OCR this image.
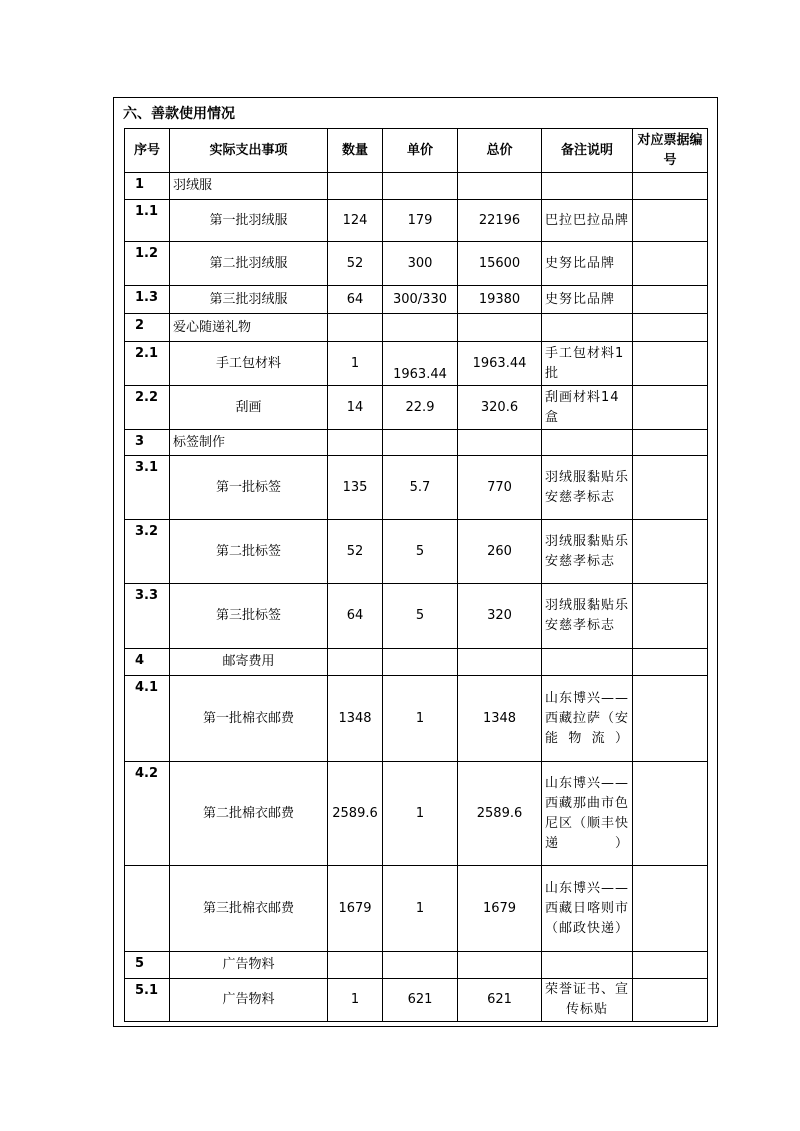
六、善款使用情况
序号	实际支出事项	数量	单价	总价	备注说明	对应票据编号
1	羽绒服					
1.1	第一批羽绒服	124	179	22196	巴拉巴拉品牌	
1.2	第二批羽绒服	52	300	15600	史努比品牌	
1.3	第三批羽绒服	64	300/330	19380	史努比品牌	
2	爱心随递礼物					
2.1	手工包材料	1	1963.44	1963.44	手工包材料1批	
2.2	刮画	14	22.9	320.6	刮画材料14盒	
3	标签制作					
3.1	第一批标签	135	5.7	770	羽绒服黏贴乐安慈孝标志	
3.2	第二批标签	52	5	260	羽绒服黏贴乐安慈孝标志	
3.3	第三批标签	64	5	320	羽绒服黏贴乐安慈孝标志	
4	邮寄费用					
4.1	第一批棉衣邮费	1348	1	1348	山东博兴——西藏拉萨（安能物流）	
4.2	第二批棉衣邮费	2589.6	1	2589.6	山东博兴——西藏那曲市色尼区（顺丰快递）	
	第三批棉衣邮费	1679	1	1679	山东博兴——西藏日喀则市（邮政快递）	
5	广告物料					
5.1	广告物料	1	621	621	荣誉证书、宣传标贴	
